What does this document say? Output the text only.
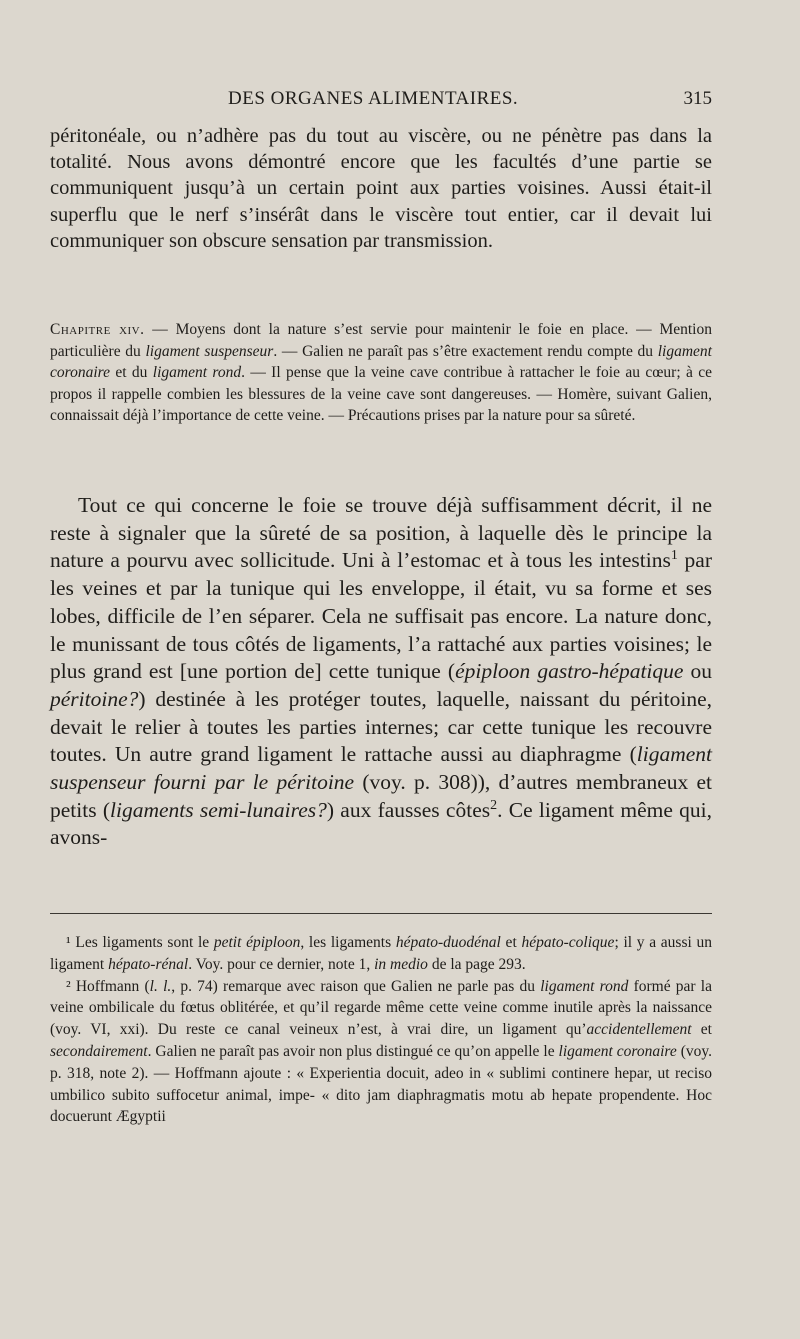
DES ORGANES ALIMENTAIRES.	315

péritonéale, ou n’adhère pas du tout au viscère, ou ne pénètre pas dans la totalité. Nous avons démontré encore que les facultés d’une partie se communiquent jusqu’à un certain point aux parties voisines. Aussi était-il superflu que le nerf s’insérât dans le viscère tout entier, car il devait lui communiquer son obscure sensation par transmission.

Chapitre xiv. — Moyens dont la nature s’est servie pour maintenir le foie en place. — Mention particulière du ligament suspenseur. — Galien ne paraît pas s’être exactement rendu compte du ligament coronaire et du ligament rond. — Il pense que la veine cave contribue à rattacher le foie au cœur; à ce propos il rappelle combien les blessures de la veine cave sont dangereuses. — Homère, suivant Galien, connaissait déjà l’importance de cette veine. — Précautions prises par la nature pour sa sûreté.

Tout ce qui concerne le foie se trouve déjà suffisamment décrit, il ne reste à signaler que la sûreté de sa position, à laquelle dès le principe la nature a pourvu avec sollicitude. Uni à l’estomac et à tous les intestins$^1$ par les veines et par la tunique qui les enveloppe, il était, vu sa forme et ses lobes, difficile de l’en séparer. Cela ne suffisait pas encore. La nature donc, le munissant de tous côtés de ligaments, l’a rattaché aux parties voisines; le plus grand est [une portion de] cette tunique (épiploon gastro-hépatique ou péritoine?) destinée à les protéger toutes, laquelle, naissant du péritoine, devait le relier à toutes les parties internes; car cette tunique les recouvre toutes. Un autre grand ligament le rattache aussi au diaphragme (ligament suspenseur fourni par le péritoine (voy. p. 308)), d’autres membraneux et petits (ligaments semi-lunaires?) aux fausses côtes$^2$. Ce ligament même qui, avons-

¹ Les ligaments sont le petit épiploon, les ligaments hépato-duodénal et hépato-colique; il y a aussi un ligament hépato-rénal. Voy. pour ce dernier, note 1, in medio de la page 293.

² Hoffmann (l. l., p. 74) remarque avec raison que Galien ne parle pas du ligament rond formé par la veine ombilicale du fœtus oblitérée, et qu’il regarde même cette veine comme inutile après la naissance (voy. VI, xxi). Du reste ce canal veineux n’est, à vrai dire, un ligament qu’accidentellement et secondairement. Galien ne paraît pas avoir non plus distingué ce qu’on appelle le ligament coronaire (voy. p. 318, note 2). — Hoffmann ajoute : « Experientia docuit, adeo in « sublimi continere hepar, ut reciso umbilico subito suffocetur animal, impe- « dito jam diaphragmatis motu ab hepate propendente. Hoc docuerunt Ægyptii
